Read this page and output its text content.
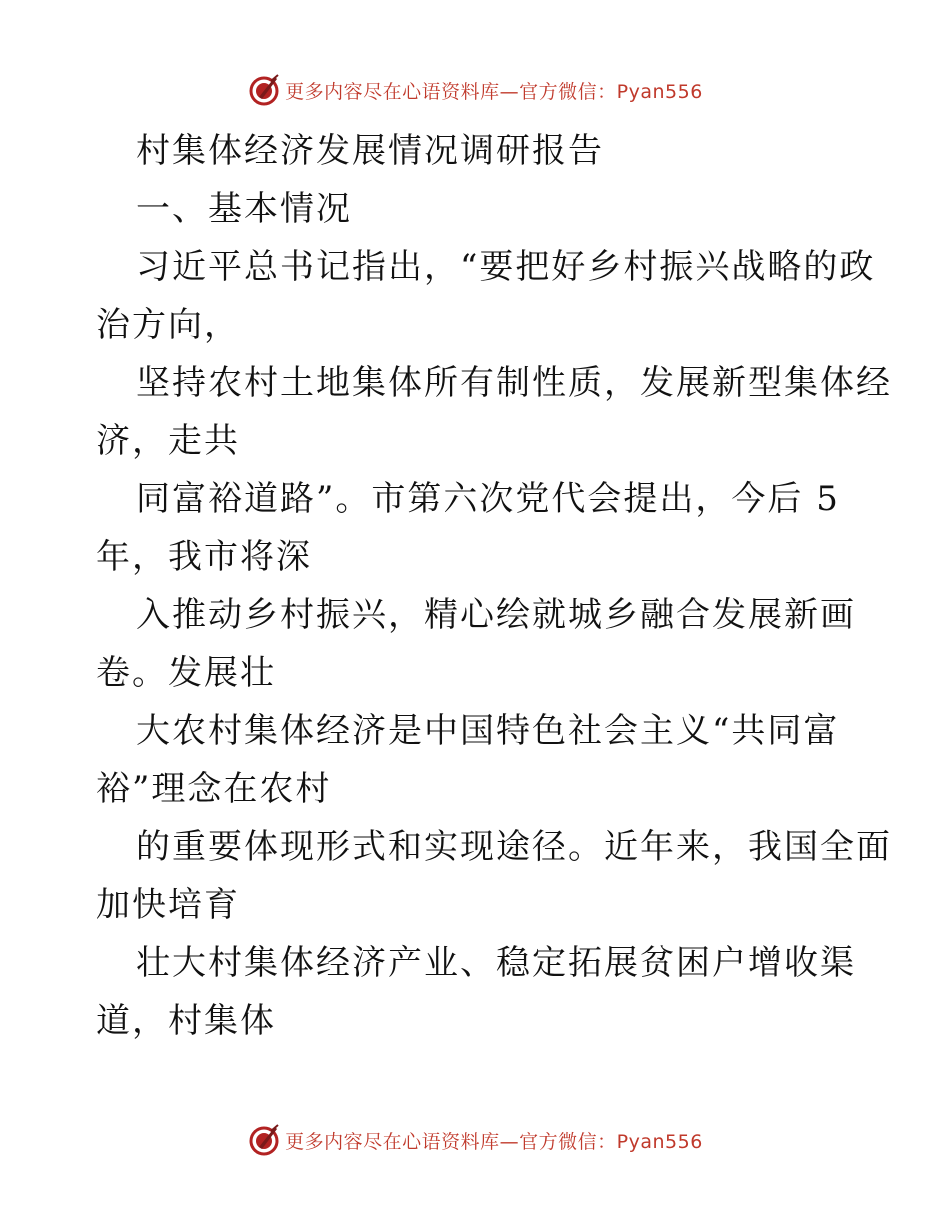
更多内容尽在心语资料库—官方微信：Pyan556
村集体经济发展情况调研报告
一、基本情况
习近平总书记指出，“要把好乡村振兴战略的政
治方向，
坚持农村土地集体所有制性质，发展新型集体经
济，走共
同富裕道路”。市第六次党代会提出，今后 5
年，我市将深
入推动乡村振兴，精心绘就城乡融合发展新画
卷。发展壮
大农村集体经济是中国特色社会主义“共同富
裕”理念在农村
的重要体现形式和实现途径。近年来，我国全面
加快培育
壮大村集体经济产业、稳定拓展贫困户增收渠
道，村集体
更多内容尽在心语资料库—官方微信：Pyan556
